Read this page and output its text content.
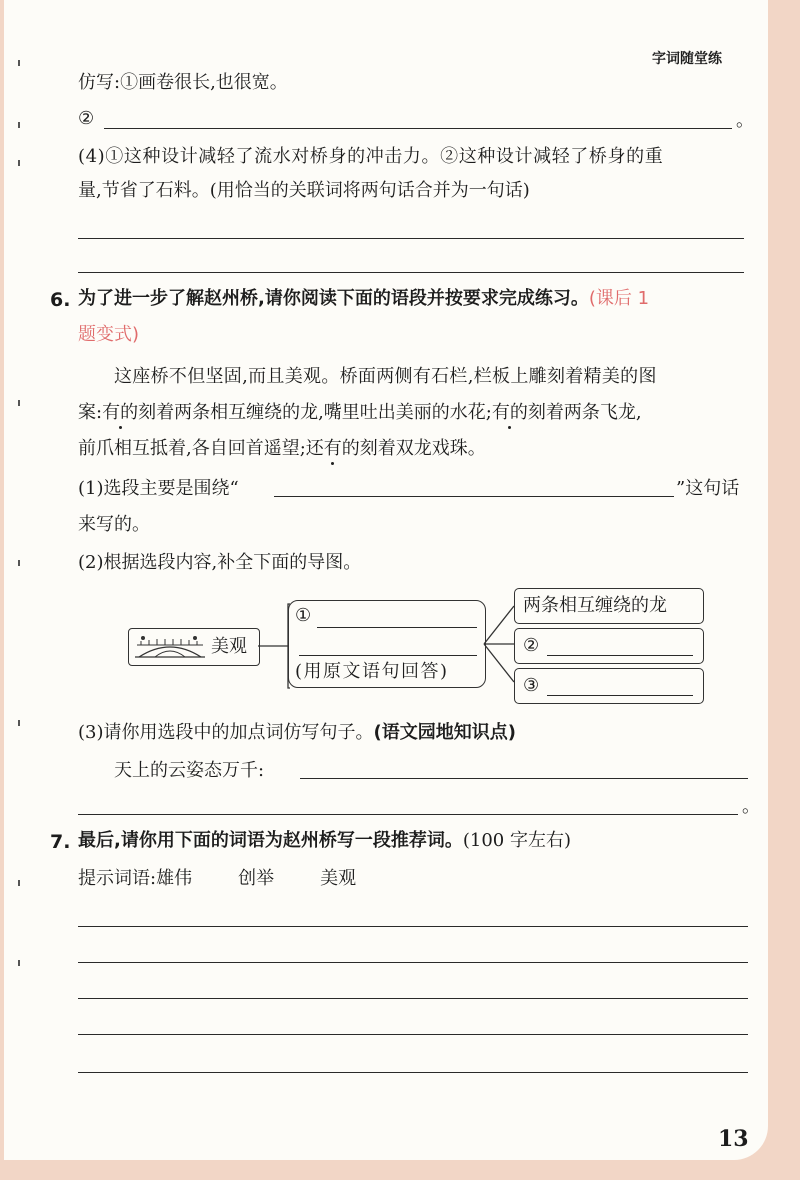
字词随堂练
仿写:①画卷很长,也很宽。
②	。
(4)①这种设计减轻了流水对桥身的冲击力。②这种设计减轻了桥身的重
量,节省了石料。(用恰当的关联词将两句话合并为一句话)
6. 为了进一步了解赵州桥,请你阅读下面的语段并按要求完成练习。(课后 1
题变式)
这座桥不但坚固,而且美观。桥面两侧有石栏,栏板上雕刻着精美的图
案:有的刻着两条相互缠绕的龙,嘴里吐出美丽的水花;有的刻着两条飞龙,
前爪相互抵着,各自回首遥望;还有的刻着双龙戏珠。
(1)选段主要是围绕“	”这句话
来写的。
(2)根据选段内容,补全下面的导图。
美观
①
(用原文语句回答)
两条相互缠绕的龙
②
③
(3)请你用选段中的加点词仿写句子。(语文园地知识点)
天上的云姿态万千:
。
7. 最后,请你用下面的词语为赵州桥写一段推荐词。(100 字左右)
提示词语:雄伟	创举	美观
13
